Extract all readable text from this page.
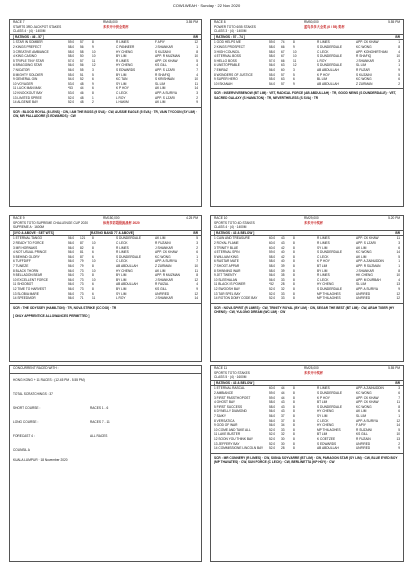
COW1WEAH · Sunday · 22 Nov 2020
RACE 7	RM45,000	3.55 PM
STARTS 3RD JACKPOT STAKES	多多开中供全奖杯
CLASS 4 · (4) · 1400M
[ RATINGS : 46 - 57 ]	BR
1 STAR IN SOMBER	59.0 57	8	R LIMES	F APIY	12
2 KINGS PREFECT	58.0 56	9	C PANNEER	J SHANKAR	1
3 CREATIVE AMBIANCE	58.0 58	10	HY CHENG	S KUZAINI	8
4 KING CASINO	58.0 50	10	BY LIM	APP. R MUZMAN	10
5 TRIPLE TINY STAR	57.0 57	11	R LIMES	APP. CK KHAW	5
6 BRAGGING STAR	56.0 56	12	HY CHENG	KS GILL	4
7 NICATOR	56.0 55	3	S EDWARDS	APP. S LZARI	7
8 MIGHTY SOLDIER	55.0 51	5	BY LIM	R SHAFIQ	4
9 GENERAL GIN	54.0 52	6	KC TAN	S KRISHNAN	10
10 VOYAGER	53.0 48	9	SY LIM	SL LIM	11
11 LUCK MAN MAK	*53 44	6	K P HOY	AK LIM	14
12 KNOCKOUT BAY	53.0 46	8	C LECK	APP. A SURIYA	3
13 LIMITED SPREE	52.0 48	1	L ROY	APP. S LZARI	2
14 ALGENIE BAY	52.0 48	2	L HAKIM	AK LIM	9
SCR : BLOOD ROYAL (8 LENS) · CW, I AM THE BOSS (9 SVA) · CW, AUSSIE EAGLE (5 SVA) · TR, VAIN TYCOON (SY LIM) · CW, MR PALLADORE (S EDWARDS) · CW
RACE 8	RM50,000	5.55 PM
POWER TOTO 6/55 STAKES	蓝鸟多多大全奖 (6 / 55) 奖杯
CLASS 3 · (4) · 1400M
[ RATINGS : 57 - 74 ]	BR
1 GOD HELPS ME	59.0 74	8	R LIMES	APP. CK KHAW	1
2 KINGS PROSPECT	58.0 66	9	S DUNDERDALE	KC WONG	8
3 HIGH COUNCIL	58.0 67	10	C LECK	APP. KONGHIRTHAM	4
4 ETERNAL BOSS	58.0 67	10	S DUNDERDALE	R SHAFIQ	10
5 HELLO BOSS	57.0 66	11	L ROY	J SHANKAR	3
6 UNSTOPPABLE	56.0 63	12	S DUNDERDALE	SL LIM	1
7 EMRAZ	56.0 60	3	AB ABDULLAH	R FUZAR	9
8 WONDERS OF JUSTICE	55.0 57	5	K P HOY	S KUZAINI	5
9 SUPER HERO	55.0 63	6	BL LIM	KC WONG	6
10 ISKANAH	54.0 57	9	AB ABDULLAH	Z ZURMAN	2
SCR : INSERVIVEBENOW (BT LIM) · VET, RADICAL FORCE (AB ABDULLAH) · TR, GOOD NEWS (S DUNDERDALE) · VET, SACRED GALAXY (S HAMILTON) · TR, NEVERTHELESS (S SVA) · TR
RACE 9	RM150,000	4.25 PM
SPORTS TOTO SUPREME CHALLENGE CUP 2020	体育多彩超级挑战杯 2020
SUPREME A · 1600M
[3YO & ABOVE · SET WTS]	[RATING BAND 77 & ABOVE]	BR
1 ETERNAL TANGO	56.0 121 8	S DUNDERDALE	AK LIM	5
2 READY TO FORCE	56.0 87	10	C LECK	R FUZAINI	3
3 MR HORNAKS	56.0 82	8	R LIMES	J SHANKAR	2
4 NOT USUAL PRINCE	56.0 81	6	R LIMES	APP. CK KHAW	6
5 BEHIND GLORY	56.0 87	6	S DUNDERDALE	KC WONG	1
6 TUFFDIFF	56.0 79	10	C LECK	APP. A SURIYA	7
7 TUNEZE	56.0 79	8	AB ABDULLAH	Z ZURMAN	10
8 BLACK THORN	56.0 73	10	HY CHENG	AK LIM	11
9 BELLADON BEAR	56.0 73	8	BY LIM	APP. R MUZMAN	8
10 EXCELLENT FORCE	56.0 73	10	BY LIM	J SHANKAR	12
11 SHOOBOT	56.0 73	6	AB ABDULLAH	R FAIZAL	4
12 TIME TO HARVEST	56.0 73	8	BY LIM	KS GILL	9
13 SLOBIA MARE	56.0 73	6	SY LIM	UNFIRED	12
14 SPEEDMOR	56.0 71	11	L ROY	J SHANKAR	14
SCR : THE ODYSSEY (HAMILTON) · TR, NOVA STRIKE (CC DOI) · TR
[ ONLY APPRENTICE ALLOWANCES PERMITTED ]
RACE 10	RM29,000	5.20 PM
SPORTS TOTO 4D STAKES	多多开中奖杯
CLASS 4 · (4) · 1400M
[ RATINGS : 43 & BELOW ]	BR
1 CAIN AND TREASURE	60.0 43	8	R LIMES	APP. CK KHAW	11
2 ROYAL FLAME	60.0 43	8	R LIMES	APP. S LZARI	3
3 TRINITY BLUE	60.0 42	8	SY LIM	AK LIM	6
4 ETERNAL SPIN	59.0 40	8	S DUNDERDALE	KC WONG	14
5 WILLIAM KING	58.0 42	8	C LECK	AK LIM	5
6 RASTAR MATE	58.0 40	8	K P HOY	APP. A ZAINUDDIN	1
7 SHOOT APPAR	58.0 39	8	BT LIM	APP. R SUZMAN	1
8 SHINNING WAR	58.0 39	8	BY LIM	J SHANKAR	8
9 JET TWENTY	56.0 35	8	R LIMES	HK CHENG	10
10 SLEEHALAN	56.0 33	8	C LECK	APP. M DURBAH	4
11 BLACK IS POWER	*52 28	8	HY CHENG	SL LIM	13
12 SWOOSH BAY	52.0 32	8	S DUNDERDALE	APP. A SURIYA	9
13 TAR SPEL BAY	52.0 33	8	MP THILAGHES	UNFIRED	12
14 ROTON DOMY CODE BAY	52.0 33	8	MP THILAGHES	UNFIRED	12
SCR : NOVA SPIRIT (R LIMES) · CW, TRINITY ROYAL (BY LIM) · CW, SEGAR THE BEST (BT LIM) · CW, ARAH TIGER (HY CHENG) · CW, YULONG DREAM (WC LIM) · CW
RACE 11	RM25,000	5.55 PM
SPORTS TOTO STAKES	多多开中奖杯
CLASS 5 · (4) · 1600M
[ RATINGS : 43 & BELOW ]	BR
1 ETERNAL RASCAL	60.0 44	8	R LIMES	APP. A ZAINUDDIN	3
2 AMBIANCE	59.0 44	8	S DUNDERDALE	KC WONG	6
3 FIRST PASSTHOPOST	59.0 44	8	K P HOY	APP. CK KHAW	7
4 GHOST BAY	58.0 43	8	BT LIM	APP. CK KHAW	11
5 FIRST SUCCESS	58.0 43	8	S DUNDERDALE	KC WONG	8
6 DYNELLY DIAMOND	56.0 43	8	HY CHENG	AK LIM	6
7 SAIKY	56.0 37	8	SY LIM	SL LIM	1
8 VERSATICA	56.0 37	8	C LECK	APP. A SURIYA	12
9 GOD OF WAR	56.0 34	8	HY CHENG	F APIY	14
10 COME AND TAKE ALL	52.0 33	8	MP THILAGHES	R SUZAINI	5
11 LAKE BUSTER	52.0 32	8	BT LIM	KS GILL	10
12 SOON YOU THINK BAY	52.0 30	8	K COETZEE	R FUZAIN	13
13 JEFFERY BAY	52.0 30	8	S EDWARDS	UNFIRED	2
14 COMMISSIONE LINCOLN BAY 52.0 28	8	AB ABDULLAH	UNFIRED	9
SCR : MR CONNERY (R LIMES) · CW, SIGNA SOYVARRE (BT LIM) · CW, PARAGON STAR (SY LIM) · CW, BLUE EYED BOY (MP THAVATES) · CW, SUN FORCE (C LECK) · CW, BERLINETTA (KP HOY) · CW
CONCURRENT RACED WITH :
HONG KONG + 11 RACES : (12.45 PM - 5.55 PM)
TOTAL SCRATCHINGS : 37
SHORT COURSE :	RACES 1 - 6
LONG COURSE :	RACES 7 - 11
FORECAST 4 :	ALL RACES
COUNSIL A
KUALA LUMPUR · 18 November 2020
